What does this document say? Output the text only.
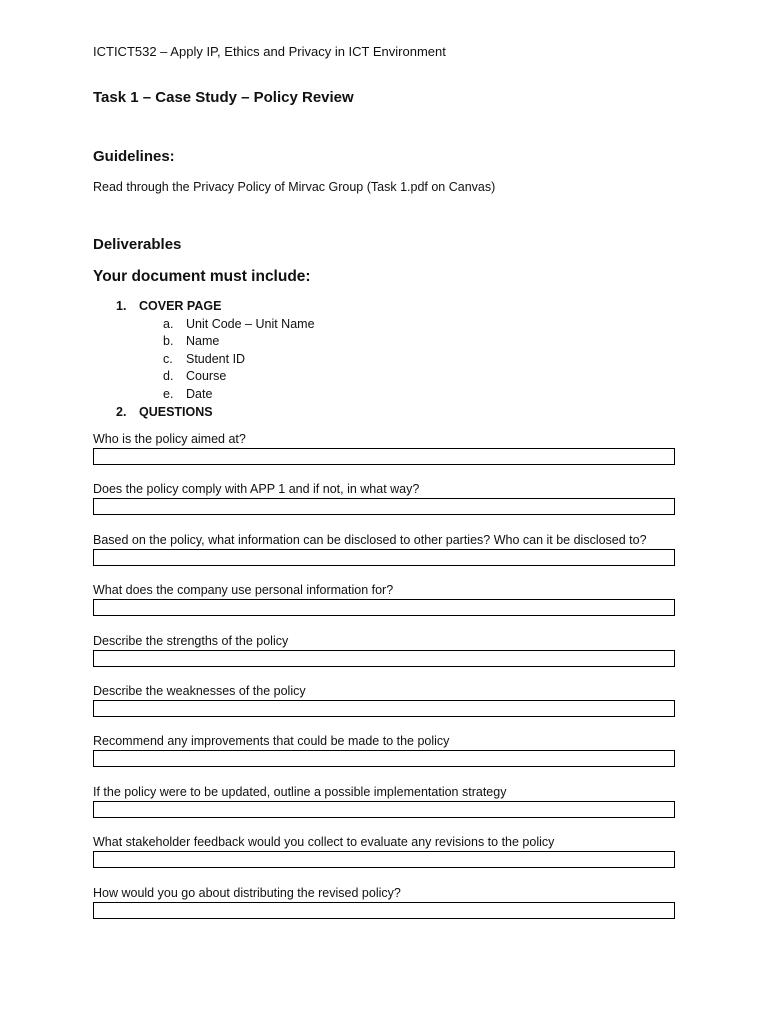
ICTICT532 – Apply IP, Ethics and Privacy in ICT Environment
Task 1 – Case Study – Policy Review
Guidelines:
Read through the Privacy Policy of Mirvac Group (Task 1.pdf on Canvas)
Deliverables
Your document must include:
1. COVER PAGE
a. Unit Code – Unit Name
b. Name
c. Student ID
d. Course
e. Date
2. QUESTIONS
Who is the policy aimed at?
Does the policy comply with APP 1 and if not, in what way?
Based on the policy, what information can be disclosed to other parties? Who can it be disclosed to?
What does the company use personal information for?
Describe the strengths of the policy
Describe the weaknesses of the policy
Recommend any improvements that could be made to the policy
If the policy were to be updated, outline a possible implementation strategy
What stakeholder feedback would you collect to evaluate any revisions to the policy
How would you go about distributing the revised policy?
